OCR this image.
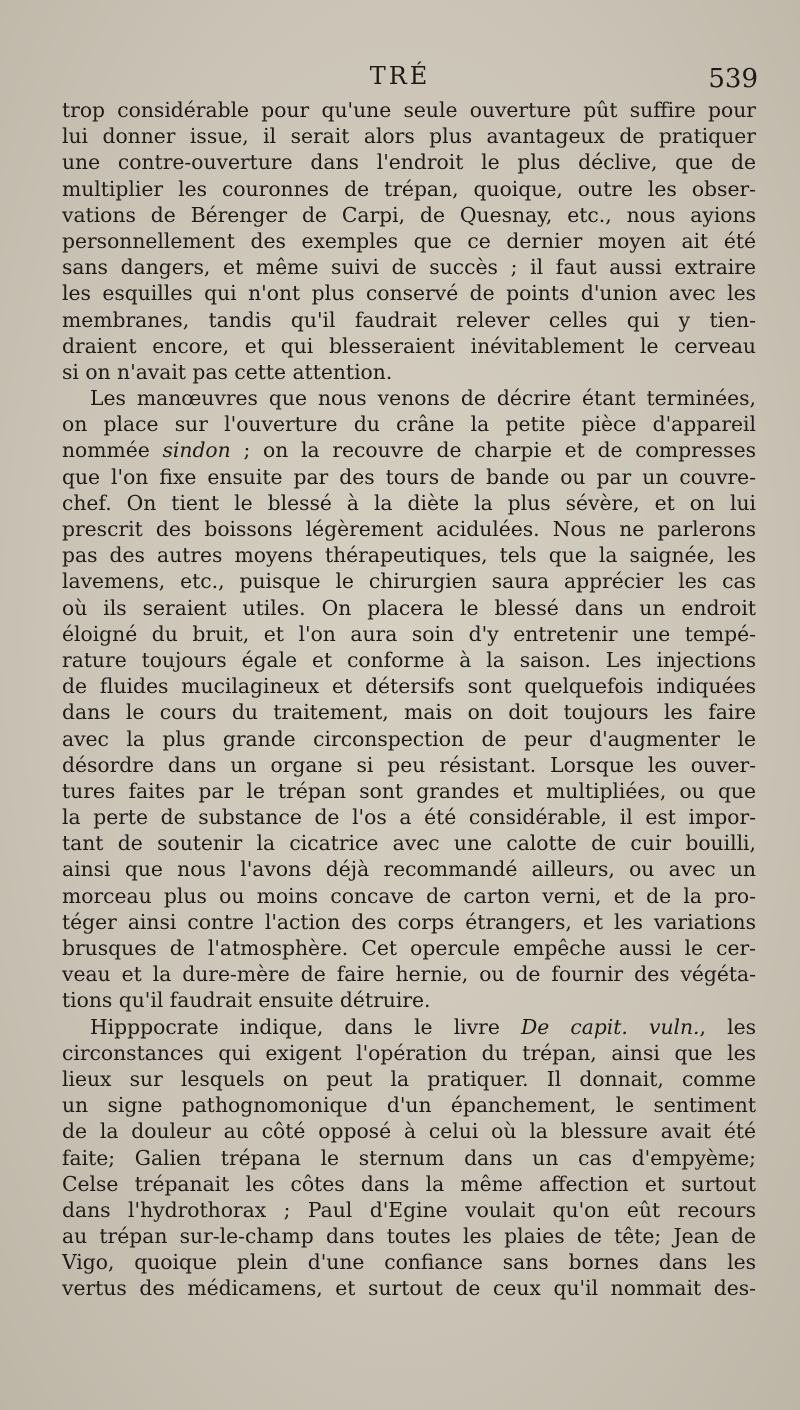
TRÉ	539
trop considérable pour qu'une seule ouverture pût suffire pour
lui donner issue, il serait alors plus avantageux de pratiquer
une contre-ouverture dans l'endroit le plus déclive, que de
multiplier les couronnes de trépan, quoique, outre les obser-
vations de Bérenger de Carpi, de Quesnay, etc., nous ayions
personnellement des exemples que ce dernier moyen ait été
sans dangers, et même suivi de succès ; il faut aussi extraire
les esquilles qui n'ont plus conservé de points d'union avec les
membranes, tandis qu'il faudrait relever celles qui y tien-
draient encore, et qui blesseraient inévitablement le cerveau
si on n'avait pas cette attention.
Les manœuvres que nous venons de décrire étant terminées,
on place sur l'ouverture du crâne la petite pièce d'appareil
nommée sindon ; on la recouvre de charpie et de compresses
que l'on fixe ensuite par des tours de bande ou par un couvre-
chef. On tient le blessé à la diète la plus sévère, et on lui
prescrit des boissons légèrement acidulées. Nous ne parlerons
pas des autres moyens thérapeutiques, tels que la saignée, les
lavemens, etc., puisque le chirurgien saura apprécier les cas
où ils seraient utiles. On placera le blessé dans un endroit
éloigné du bruit, et l'on aura soin d'y entretenir une tempé-
rature toujours égale et conforme à la saison. Les injections
de fluides mucilagineux et détersifs sont quelquefois indiquées
dans le cours du traitement, mais on doit toujours les faire
avec la plus grande circonspection de peur d'augmenter le
désordre dans un organe si peu résistant. Lorsque les ouver-
tures faites par le trépan sont grandes et multipliées, ou que
la perte de substance de l'os a été considérable, il est impor-
tant de soutenir la cicatrice avec une calotte de cuir bouilli,
ainsi que nous l'avons déjà recommandé ailleurs, ou avec un
morceau plus ou moins concave de carton verni, et de la pro-
téger ainsi contre l'action des corps étrangers, et les variations
brusques de l'atmosphère. Cet opercule empêche aussi le cer-
veau et la dure-mère de faire hernie, ou de fournir des végéta-
tions qu'il faudrait ensuite détruire.
Hipppocrate indique, dans le livre De capit. vuln., les
circonstances qui exigent l'opération du trépan, ainsi que les
lieux sur lesquels on peut la pratiquer. Il donnait, comme
un signe pathognomonique d'un épanchement, le sentiment
de la douleur au côté opposé à celui où la blessure avait été
faite; Galien trépana le sternum dans un cas d'empyème;
Celse trépanait les côtes dans la même affection et surtout
dans l'hydrothorax ; Paul d'Egine voulait qu'on eût recours
au trépan sur-le-champ dans toutes les plaies de tête; Jean de
Vigo, quoique plein d'une confiance sans bornes dans les
vertus des médicamens, et surtout de ceux qu'il nommait des-
